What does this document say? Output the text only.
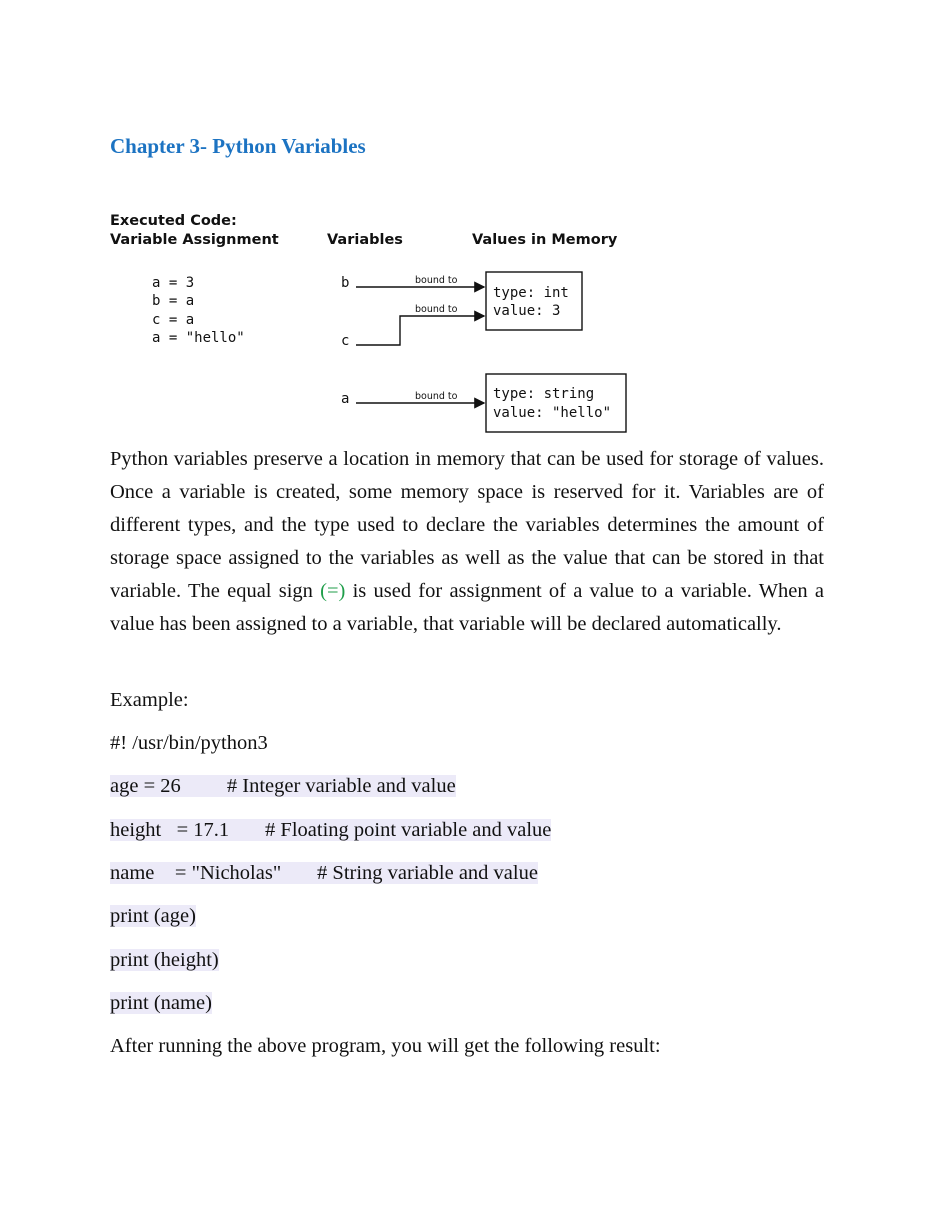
Chapter 3- Python Variables
Executed Code:
Variable Assignment	Variables	Values in Memory
a = 3
b = a
c = a
a = "hello"
b
c
a
bound to
bound to
bound to
type: int
value: 3
type: string
value: "hello"

Python variables preserve a location in memory that can be used for storage of values. Once a variable is created, some memory space is reserved for it. Variables are of different types, and the type used to declare the variables determines the amount of storage space assigned to the variables as well as the value that can be stored in that variable. The equal sign (=) is used for assignment of a value to a variable. When a value has been assigned to a variable, that variable will be declared automatically.

Example:
#! /usr/bin/python3
age = 26         # Integer variable and value
height   = 17.1       # Floating point variable and value
name    = "Nicholas"       # String variable and value
print (age)
print (height)
print (name)
After running the above program, you will get the following result:
